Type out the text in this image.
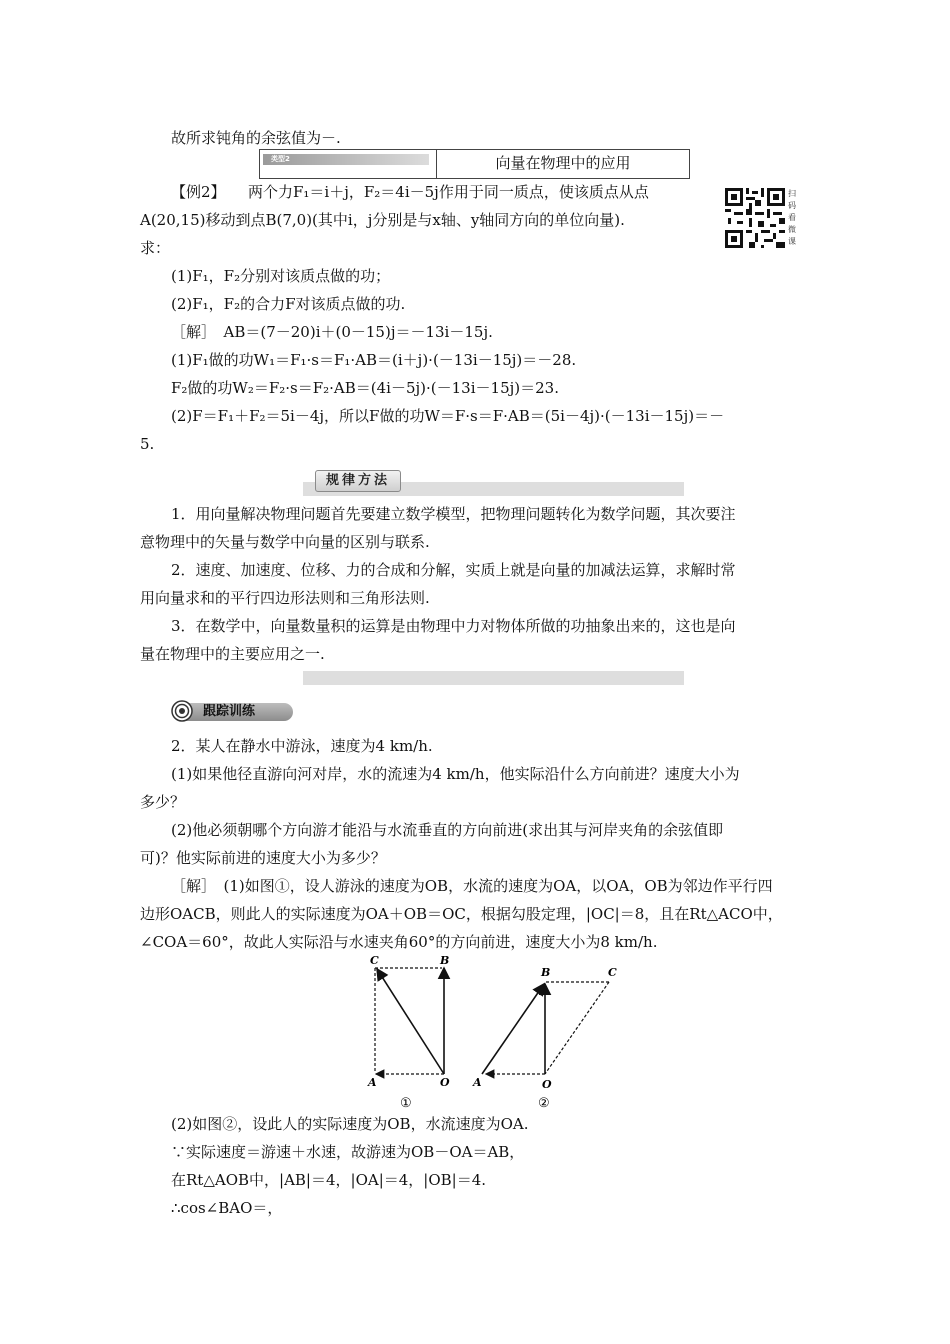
故所求钝角的余弦值为－.
类型2	向量在物理中的应用
【例2】 两个力F₁＝i＋j，F₂＝4i－5j作用于同一质点，使该质点从点
A(20,15)移动到点B(7,0)(其中i，j分别是与x轴、y轴同方向的单位向量).
求：
扫码看微课
(1)F₁，F₂分别对该质点做的功；
(2)F₁，F₂的合力F对该质点做的功.
［解］　AB＝(7－20)i＋(0－15)j＝－13i－15j.
(1)F₁做的功W₁＝F₁·s＝F₁·AB＝(i＋j)·(－13i－15j)＝－28.
F₂做的功W₂＝F₂·s＝F₂·AB＝(4i－5j)·(－13i－15j)＝23.
(2)F＝F₁＋F₂＝5i－4j，所以F做的功W＝F·s＝F·AB＝(5i－4j)·(－13i－15j)＝－
5.
规律方法
1．用向量解决物理问题首先要建立数学模型，把物理问题转化为数学问题，其次要注
意物理中的矢量与数学中向量的区别与联系.
2．速度、加速度、位移、力的合成和分解，实质上就是向量的加减法运算，求解时常
用向量求和的平行四边形法则和三角形法则.
3．在数学中，向量数量积的运算是由物理中力对物体所做的功抽象出来的，这也是向
量在物理中的主要应用之一.
跟踪训练
2．某人在静水中游泳，速度为4 km/h.
(1)如果他径直游向河对岸，水的流速为4 km/h，他实际沿什么方向前进？速度大小为
多少？
(2)他必须朝哪个方向游才能沿与水流垂直的方向前进(求出其与河岸夹角的余弦值即
可)？他实际前进的速度大小为多少？
［解］　(1)如图①，设人游泳的速度为OB，水流的速度为OA，以OA，OB为邻边作平行四
边形OACB，则此人的实际速度为OA＋OB＝OC，根据勾股定理，|OC|＝8，且在Rt△ACO中，
∠COA＝60°，故此人实际沿与水速夹角60°的方向前进，速度大小为8 km/h.
C	B
A	O
①
B	C
A	O
②
(2)如图②，设此人的实际速度为OB，水流速度为OA.
∵实际速度＝游速＋水速，故游速为OB－OA＝AB，
在Rt△AOB中，|AB|＝4，|OA|＝4，|OB|＝4.
∴cos∠BAO＝，
